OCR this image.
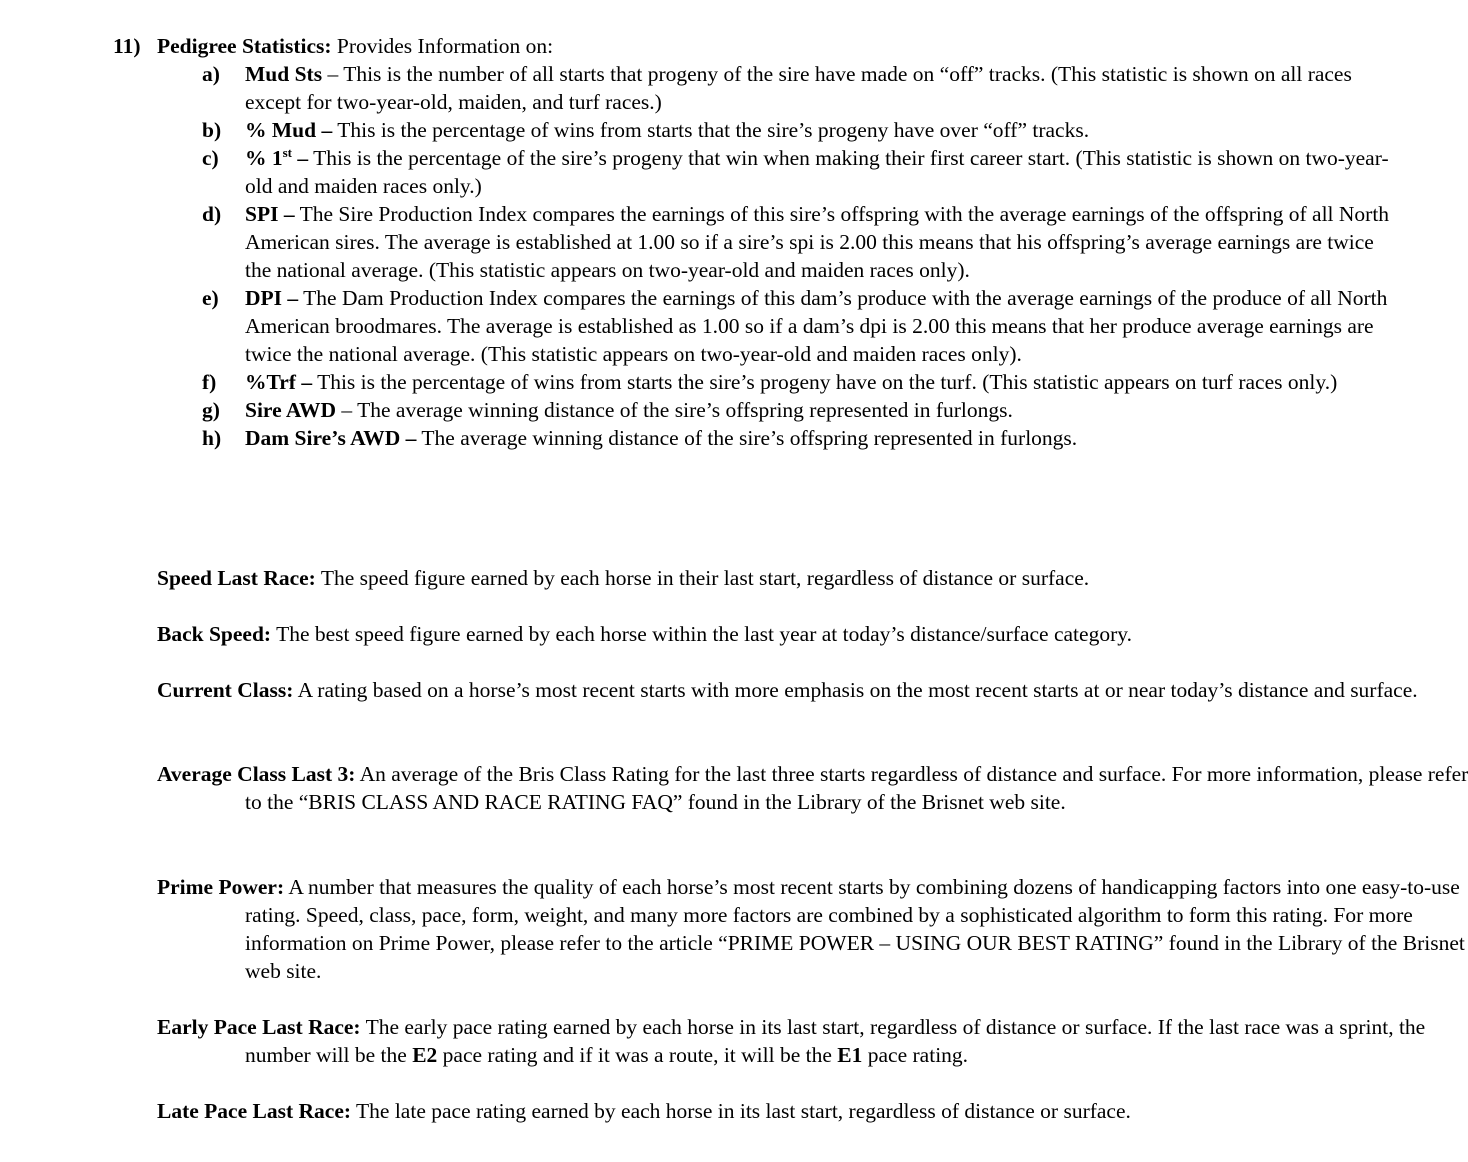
11) Pedigree Statistics: Provides Information on:
a) Mud Sts – This is the number of all starts that progeny of the sire have made on “off” tracks. (This statistic is shown on all races except for two-year-old, maiden, and turf races.)
b) % Mud – This is the percentage of wins from starts that the sire’s progeny have over “off” tracks.
c) % 1st – This is the percentage of the sire’s progeny that win when making their first career start. (This statistic is shown on two-year-old and maiden races only.)
d) SPI – The Sire Production Index compares the earnings of this sire’s offspring with the average earnings of the offspring of all North American sires. The average is established at 1.00 so if a sire’s spi is 2.00 this means that his offspring’s average earnings are twice the national average. (This statistic appears on two-year-old and maiden races only).
e) DPI – The Dam Production Index compares the earnings of this dam’s produce with the average earnings of the produce of all North American broodmares. The average is established as 1.00 so if a dam’s dpi is 2.00 this means that her produce average earnings are twice the national average. (This statistic appears on two-year-old and maiden races only).
f) %Trf – This is the percentage of wins from starts the sire’s progeny have on the turf. (This statistic appears on turf races only.)
g) Sire AWD – The average winning distance of the sire’s offspring represented in furlongs.
h) Dam Sire’s AWD – The average winning distance of the sire’s offspring represented in furlongs.
Speed Last Race: The speed figure earned by each horse in their last start, regardless of distance or surface.
Back Speed: The best speed figure earned by each horse within the last year at today’s distance/surface category.
Current Class: A rating based on a horse’s most recent starts with more emphasis on the most recent starts at or near today’s distance and surface.
Average Class Last 3: An average of the Bris Class Rating for the last three starts regardless of distance and surface. For more information, please refer to the “BRIS CLASS AND RACE RATING FAQ” found in the Library of the Brisnet web site.
Prime Power: A number that measures the quality of each horse’s most recent starts by combining dozens of handicapping factors into one easy-to-use rating. Speed, class, pace, form, weight, and many more factors are combined by a sophisticated algorithm to form this rating. For more information on Prime Power, please refer to the article “PRIME POWER – USING OUR BEST RATING” found in the Library of the Brisnet web site.
Early Pace Last Race: The early pace rating earned by each horse in its last start, regardless of distance or surface. If the last race was a sprint, the number will be the E2 pace rating and if it was a route, it will be the E1 pace rating.
Late Pace Last Race: The late pace rating earned by each horse in its last start, regardless of distance or surface.
